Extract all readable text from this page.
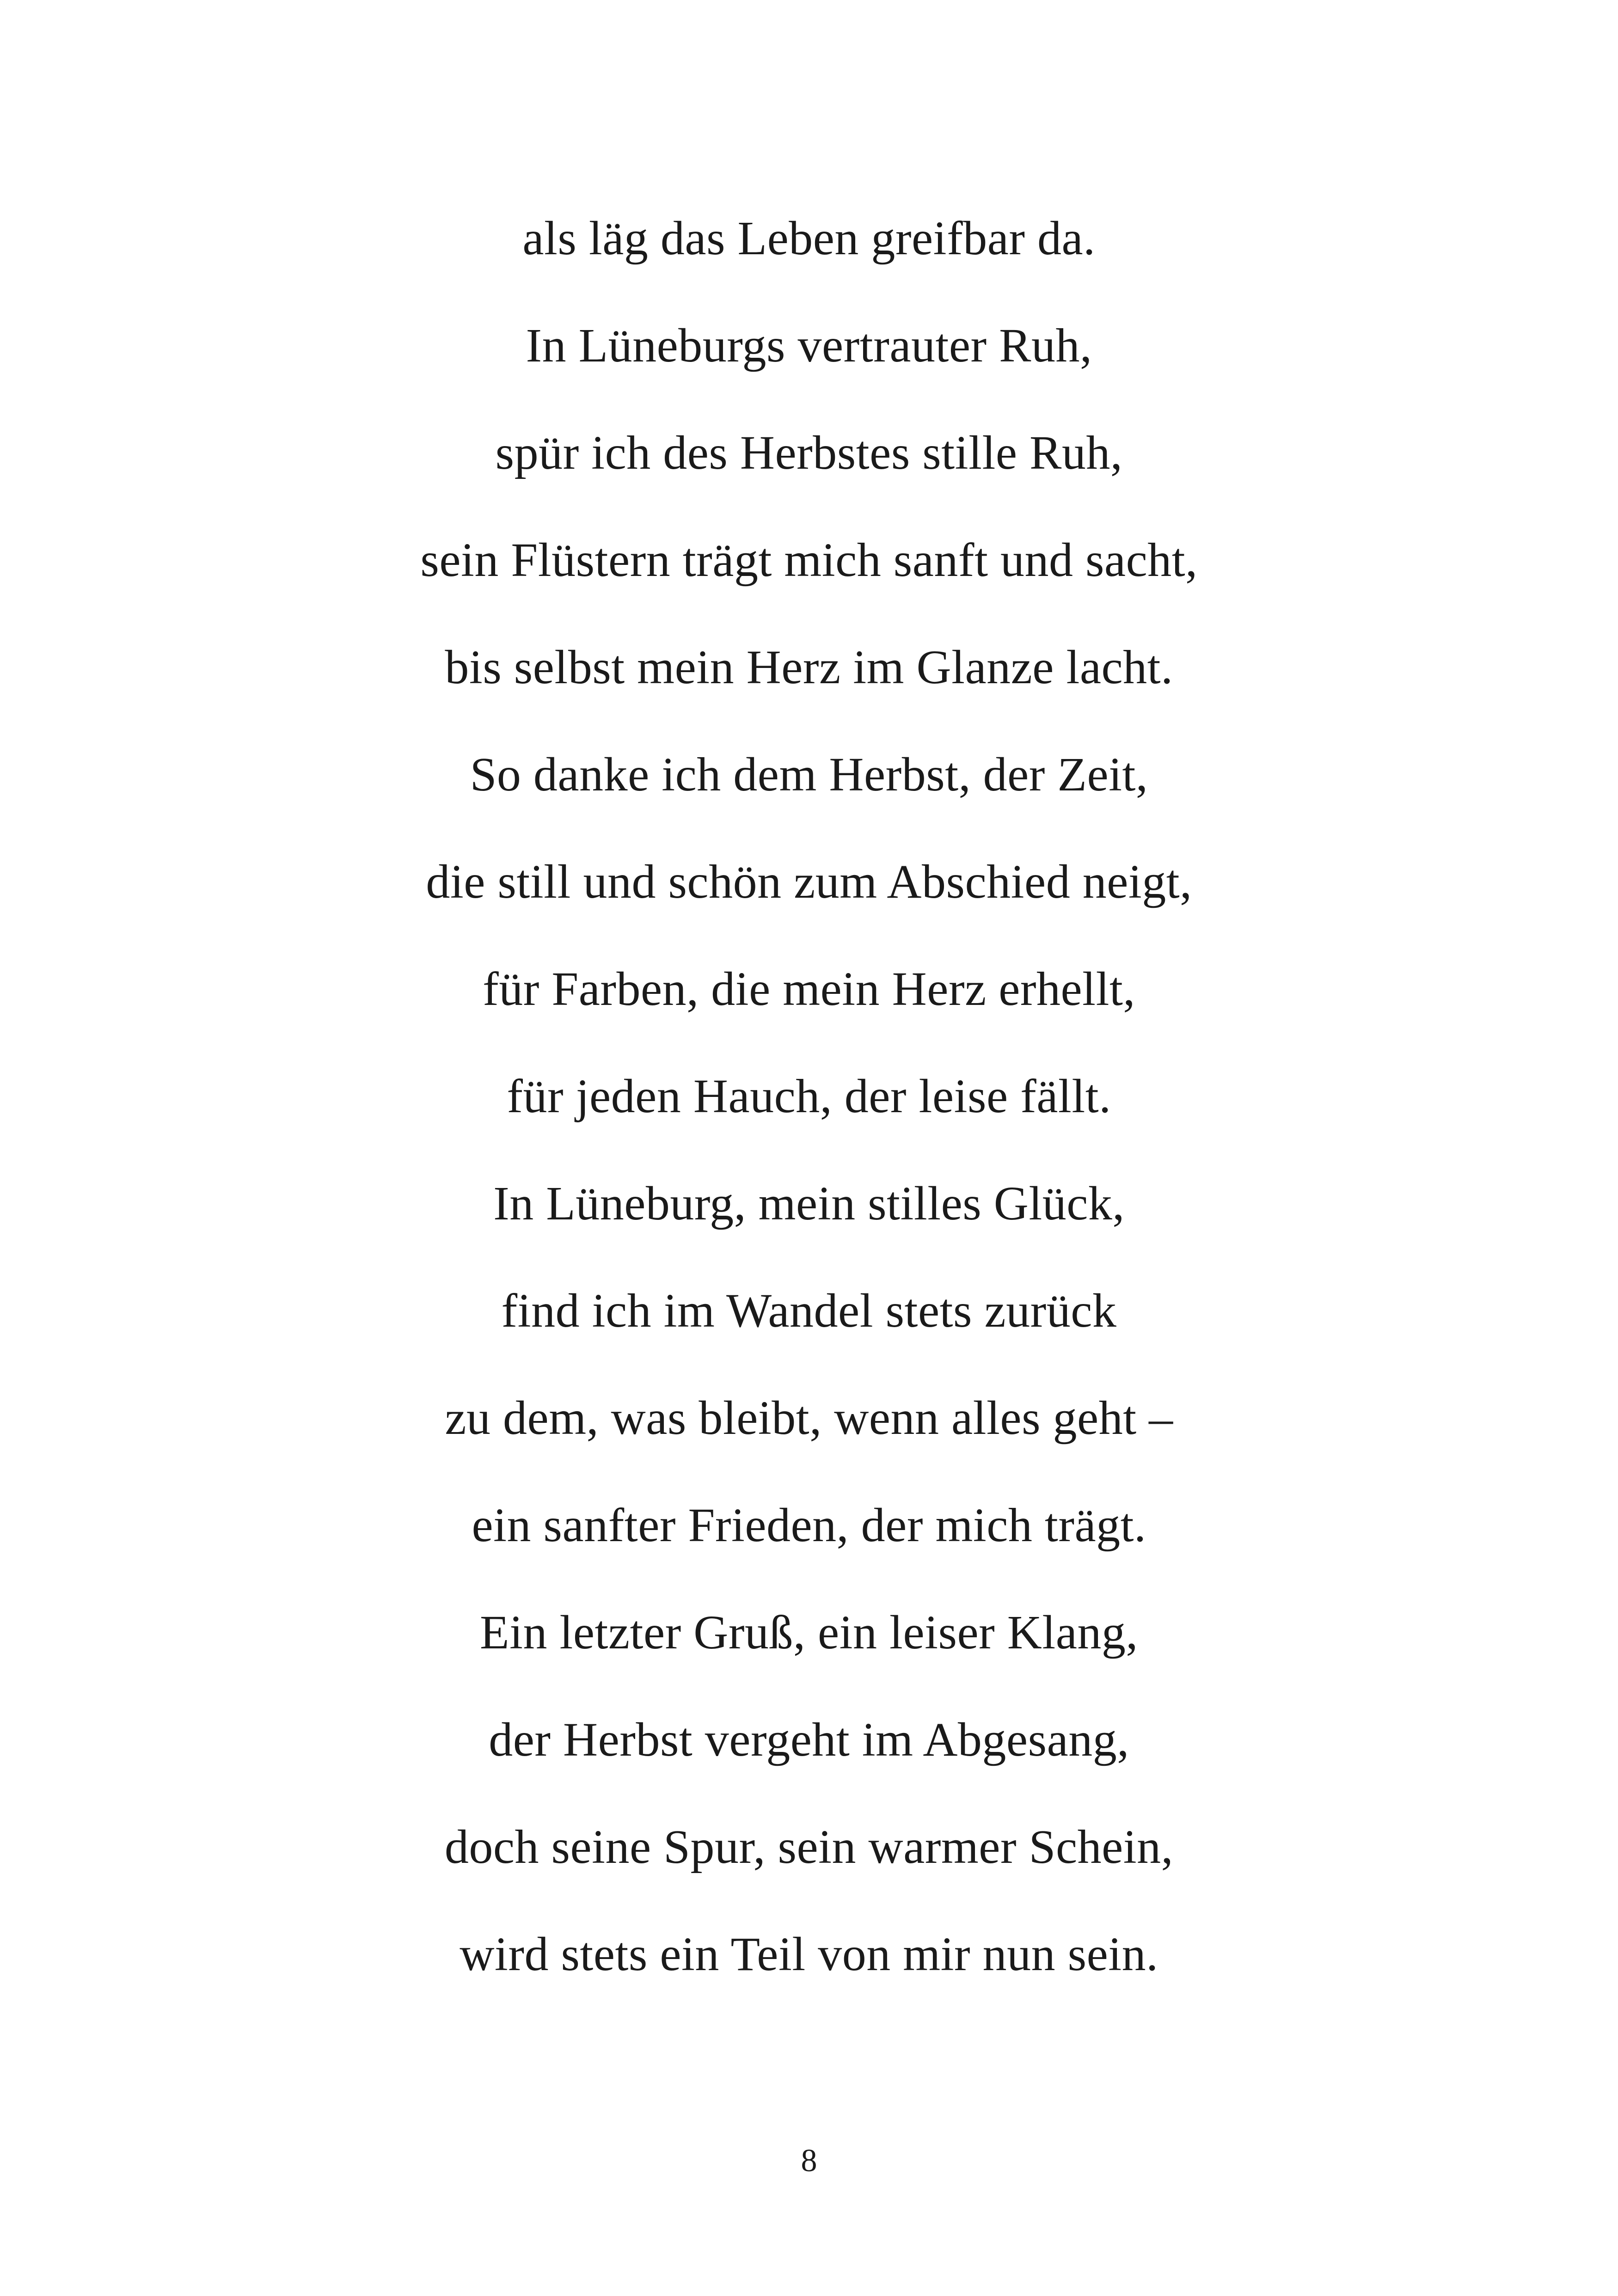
als läg das Leben greifbar da.
In Lüneburgs vertrauter Ruh,
spür ich des Herbstes stille Ruh,
sein Flüstern trägt mich sanft und sacht,
bis selbst mein Herz im Glanze lacht.
So danke ich dem Herbst, der Zeit,
die still und schön zum Abschied neigt,
für Farben, die mein Herz erhellt,
für jeden Hauch, der leise fällt.
In Lüneburg, mein stilles Glück,
find ich im Wandel stets zurück
zu dem, was bleibt, wenn alles geht –
ein sanfter Frieden, der mich trägt.
Ein letzter Gruß, ein leiser Klang,
der Herbst vergeht im Abgesang,
doch seine Spur, sein warmer Schein,
wird stets ein Teil von mir nun sein.
8
